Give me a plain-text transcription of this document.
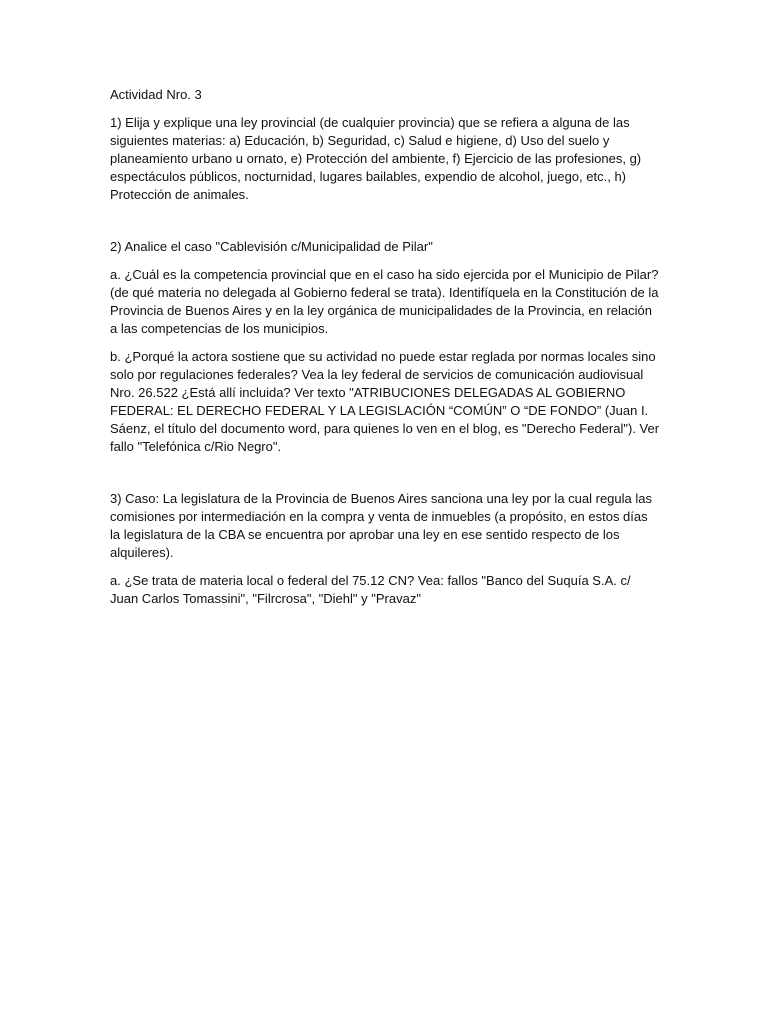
Actividad Nro. 3
1) Elija y explique una ley provincial (de cualquier provincia) que se refiera a alguna de las siguientes materias: a) Educación, b) Seguridad, c) Salud e higiene, d) Uso del suelo y planeamiento urbano u ornato, e) Protección del ambiente, f) Ejercicio de las profesiones, g) espectáculos públicos, nocturnidad, lugares bailables, expendio de alcohol, juego, etc., h) Protección de animales.
2) Analice el caso "Cablevisión c/Municipalidad de Pilar"
a. ¿Cuál es la competencia provincial que en el caso ha sido ejercida por el Municipio de Pilar? (de qué materia no delegada al Gobierno federal se trata). Identifíquela en la Constitución de la Provincia de Buenos Aires y en la ley orgánica de municipalidades de la Provincia, en relación a las competencias de los municipios.
b. ¿Porqué la actora sostiene que su actividad no puede estar reglada por normas locales sino solo por regulaciones federales? Vea la ley federal de servicios de comunicación audiovisual Nro. 26.522 ¿Está allí incluida? Ver texto "ATRIBUCIONES DELEGADAS AL GOBIERNO FEDERAL: EL DERECHO FEDERAL Y LA LEGISLACIÓN “COMÚN” O “DE FONDO” (Juan I. Sáenz, el título del documento word, para quienes lo ven en el blog, es "Derecho Federal"). Ver fallo "Telefónica c/Rio Negro".
3) Caso: La legislatura de la Provincia de Buenos Aires sanciona una ley por la cual regula las comisiones por intermediación en la compra y venta de inmuebles (a propósito, en estos días la legislatura de la CBA se encuentra por aprobar una ley en ese sentido respecto de los alquileres).
a. ¿Se trata de materia local o federal del 75.12 CN? Vea: fallos "Banco del Suquía S.A. c/ Juan Carlos Tomassini", "Filrcrosa", "Diehl" y "Pravaz"
